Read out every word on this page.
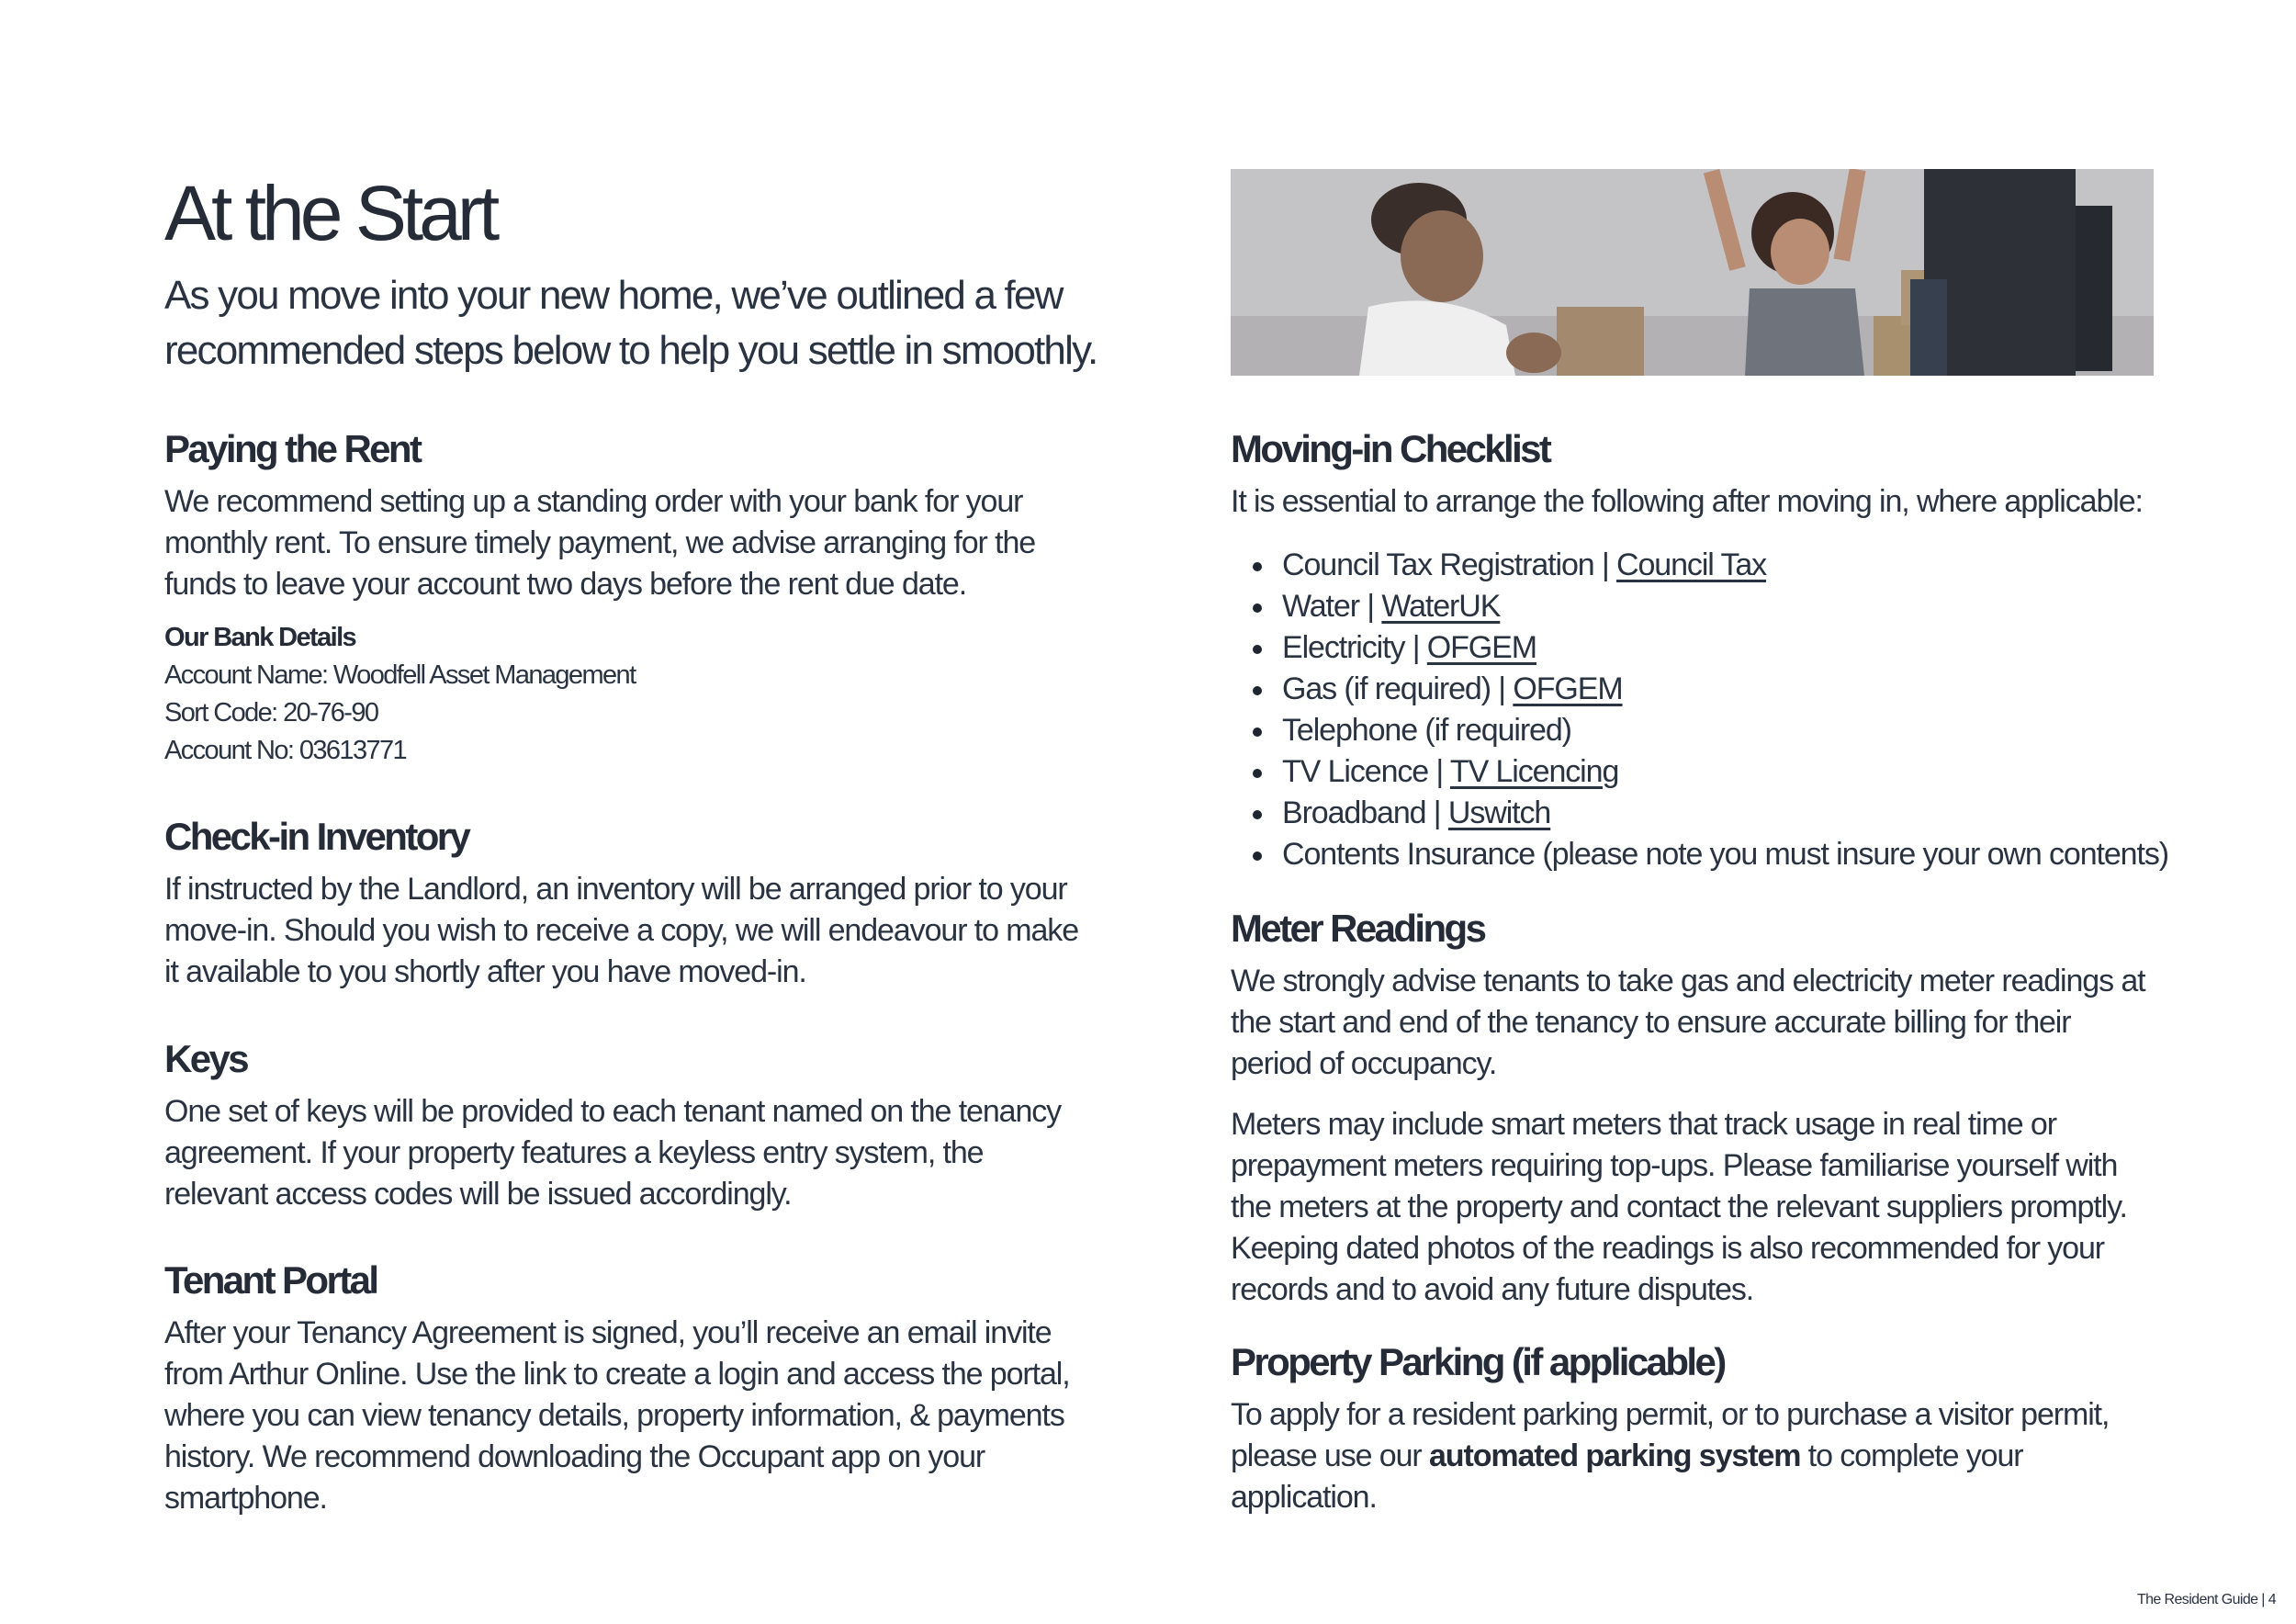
At the Start

As you move into your new home, we’ve outlined a few recommended steps below to help you settle in smoothly.

Paying the Rent

We recommend setting up a standing order with your bank for your monthly rent. To ensure timely payment, we advise arranging for the funds to leave your account two days before the rent due date.

Our Bank Details
Account Name: Woodfell Asset Management
Sort Code: 20-76-90
Account No: 03613771
Check-in Inventory

If instructed by the Landlord, an inventory will be arranged prior to your move-in. Should you wish to receive a copy, we will endeavour to make it available to you shortly after you have moved-in.

Keys

One set of keys will be provided to each tenant named on the tenancy agreement. If your property features a keyless entry system, the relevant access codes will be issued accordingly.

Tenant Portal

After your Tenancy Agreement is signed, you’ll receive an email invite from Arthur Online. Use the link to create a login and access the portal, where you can view tenancy details, property information, & payments history. We recommend downloading the Occupant app on your smartphone.

Moving-in Checklist

It is essential to arrange the following after moving in, where applicable:

Council Tax Registration | Council Tax
Water | WaterUK
Electricity | OFGEM
Gas (if required) | OFGEM
Telephone (if required)
TV Licence | TV Licencing
Broadband | Uswitch
Contents Insurance (please note you must insure your own contents)
Meter Readings

We strongly advise tenants to take gas and electricity meter readings at the start and end of the tenancy to ensure accurate billing for their period of occupancy.

Meters may include smart meters that track usage in real time or prepayment meters requiring top-ups. Please familiarise yourself with the meters at the property and contact the relevant suppliers promptly. Keeping dated photos of the readings is also recommended for your records and to avoid any future disputes.

Property Parking (if applicable)

To apply for a resident parking permit, or to purchase a visitor permit, please use our automated parking system to complete your application.

The Resident Guide | 4
